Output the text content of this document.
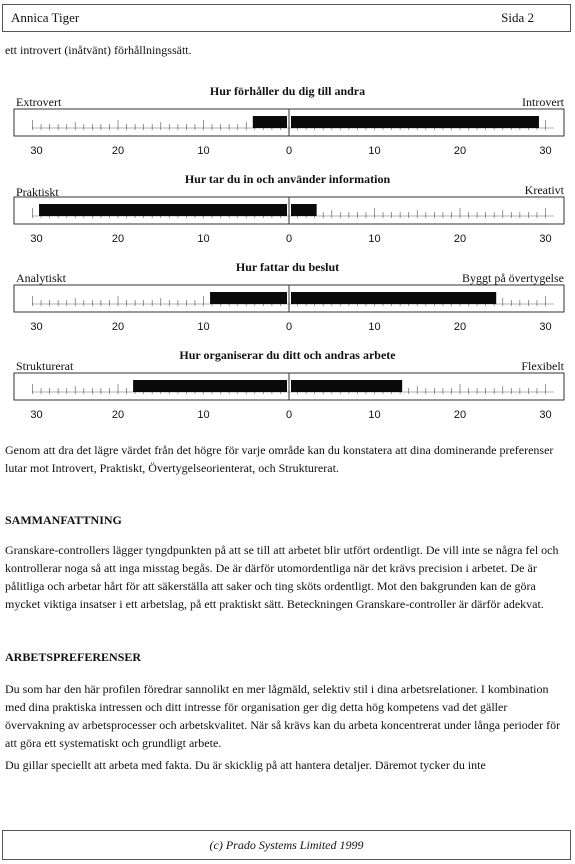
Annica Tiger	Sida 2
ett introvert (inåtvänt) förhållningssätt.
Hur förhåller du dig till andra
Extrovert	Introvert
30	20	10	0	10	20	30
Hur tar du in och använder information
Praktiskt	Kreativt
30	20	10	0	10	20	30
Hur fattar du beslut
Analytiskt	Byggt på övertygelse
30	20	10	0	10	20	30
Hur organiserar du ditt och andras arbete
Strukturerat	Flexibelt
30	20	10	0	10	20	30
Genom att dra det lägre värdet från det högre för varje område kan du konstatera att dina dominerande preferenser lutar mot Introvert, Praktiskt, Övertygelseorienterat, och Strukturerat.
SAMMANFATTNING
Granskare-controllers lägger tyngdpunkten på att se till att arbetet blir utfört ordentligt. De vill inte se några fel och kontrollerar noga så att inga misstag begås. De är därför utomordentliga när det krävs precision i arbetet. De är pålitliga och arbetar hårt för att säkerställa att saker och ting sköts ordentligt. Mot den bakgrunden kan de göra mycket viktiga insatser i ett arbetslag, på ett praktiskt sätt. Beteckningen Granskare-controller är därför adekvat.
ARBETSPREFERENSER
Du som har den här profilen föredrar sannolikt en mer lågmäld, selektiv stil i dina arbetsrelationer. I kombination med dina praktiska intressen och ditt intresse för organisation ger dig detta hög kompetens vad det gäller övervakning av arbetsprocesser och arbetskvalitet. När så krävs kan du arbeta koncentrerat under långa perioder för att göra ett systematiskt och grundligt arbete.
Du gillar speciellt att arbeta med fakta. Du är skicklig på att hantera detaljer. Däremot tycker du inte
(c) Prado Systems Limited 1999
